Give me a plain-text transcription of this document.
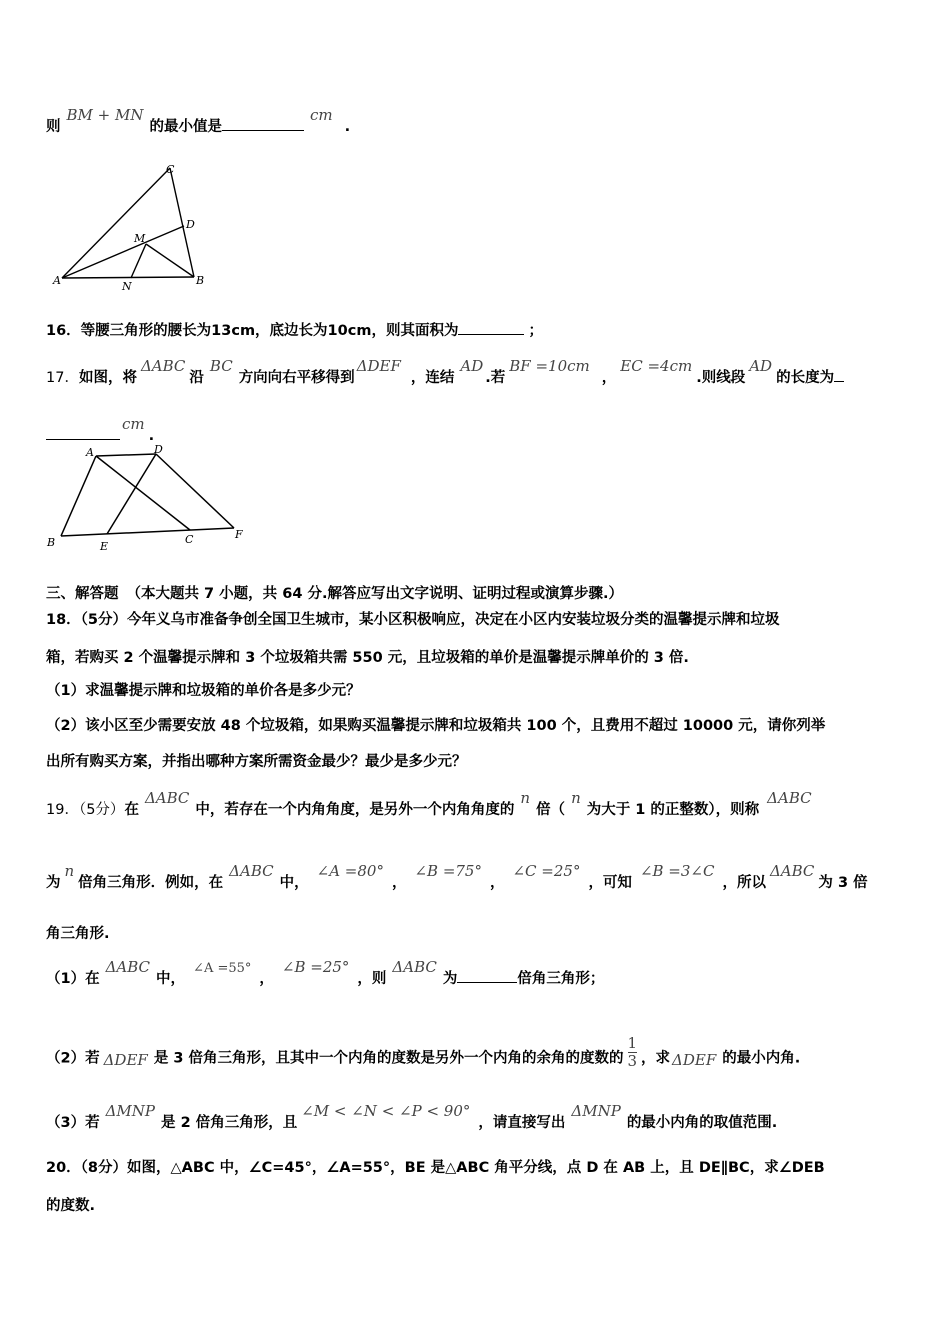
则BM + MN的最小值是cm.
C
D
M
A	N	B
16．等腰三角形的腰长为13cm，底边长为10cm，则其面积为	；
17．如图，将ΔABC沿BC方向向右平移得到ΔDEF，连结AD.若BF =10cm，EC =4cm.则线段AD的长度为
cm.
A	D
B	E
C	F
三、解答题 （本大题共 7 小题，共 64 分.解答应写出文字说明、证明过程或演算步骤.）
18．（5分）今年义乌市准备争创全国卫生城市，某小区积极响应，决定在小区内安装垃圾分类的温馨提示牌和垃圾
箱，若购买 2 个温馨提示牌和 3 个垃圾箱共需 550 元，且垃圾箱的单价是温馨提示牌单价的 3 倍.
（1）求温馨提示牌和垃圾箱的单价各是多少元？
（2）该小区至少需要安放 48 个垃圾箱，如果购买温馨提示牌和垃圾箱共 100 个，且费用不超过 10000 元，请你列举
出所有购买方案，并指出哪种方案所需资金最少？最少是多少元？
19．（5分）在ΔABC中，若存在一个内角角度，是另外一个内角角度的n倍（n为大于 1 的正整数），则称ΔABC
为n倍角三角形．例如，在ΔABC中，∠A =80°，∠B =75°，∠C =25°，可知∠B =3∠C，所以ΔABC为 3 倍
角三角形.
（1）在ΔABC中，∠A =55°，∠B =25°，则ΔABC为	倍角三角形；
（2）若 ΔDEF 是 3 倍角三角形，且其中一个内角的度数是另外一个内角的余角的度数的 $\frac{1}{3}$ ，求 ΔDEF 的最小内角.
（3）若ΔMNP是 2 倍角三角形，且∠M < ∠N < ∠P < 90°，请直接写出ΔMNP的最小内角的取值范围.
20．（8分）如图，△ABC 中，∠C=45°，∠A=55°，BE 是△ABC 角平分线，点 D 在 AB 上，且 DE∥BC，求∠DEB
的度数.
